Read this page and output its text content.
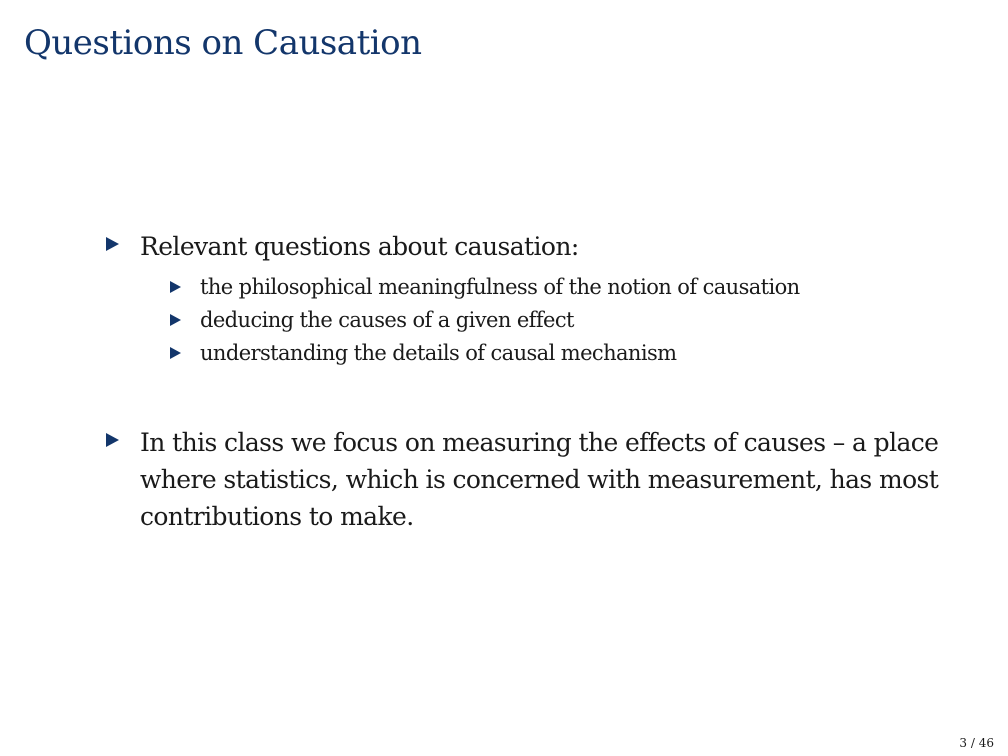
Questions on Causation
Relevant questions about causation:
the philosophical meaningfulness of the notion of causation
deducing the causes of a given effect
understanding the details of causal mechanism
In this class we focus on measuring the effects of causes – a place where statistics, which is concerned with measurement, has most contributions to make.
3 / 46
